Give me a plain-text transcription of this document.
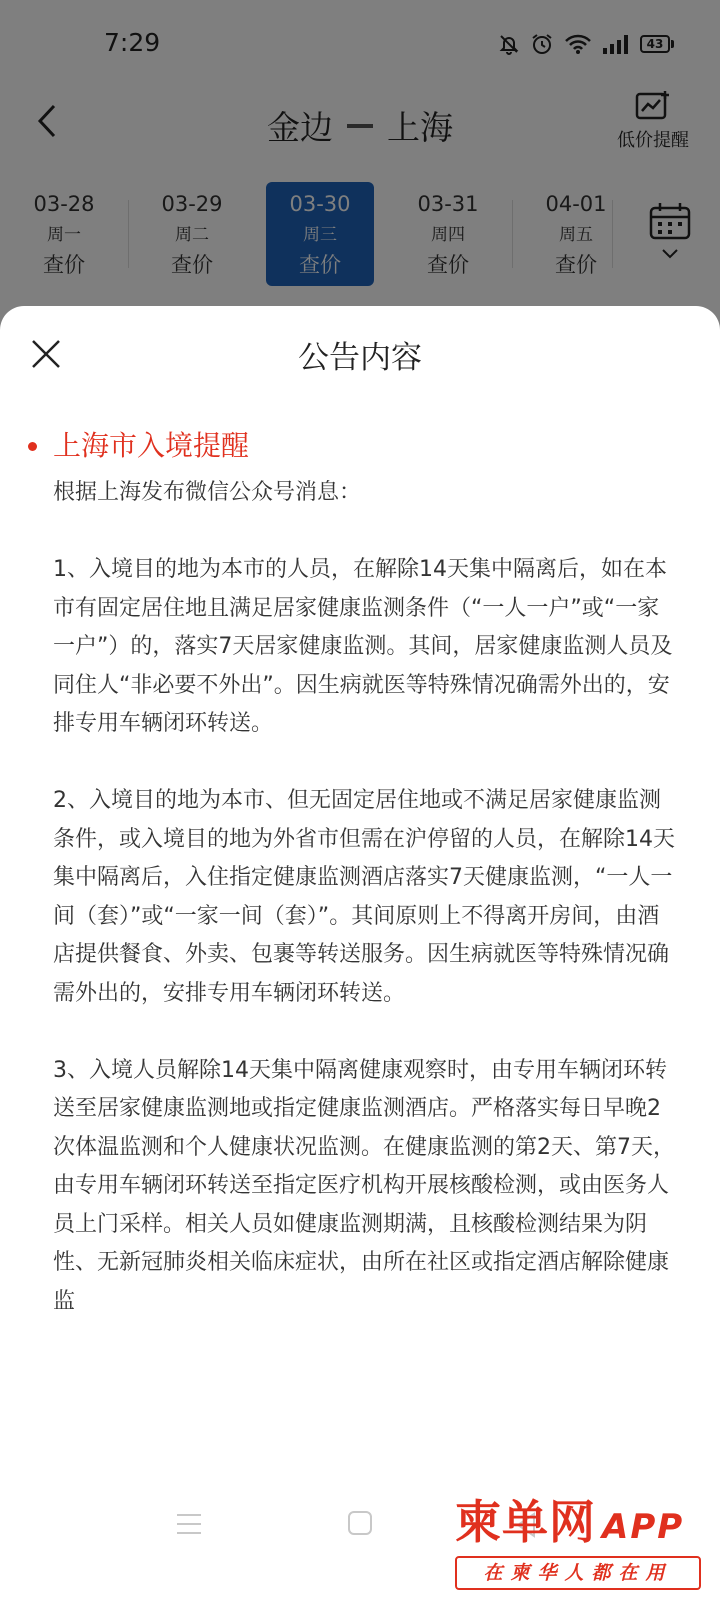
公告内容
上海市入境提醒

根据上海发布微信公众号消息：

1、入境目的地为本市的人员，在解除14天集中隔离后，如在本市有固定居住地且满足居家健康监测条件（“一人一户”或“一家一户”）的，落实7天居家健康监测。其间，居家健康监测人员及同住人“非必要不外出”。因生病就医等特殊情况确需外出的，安排专用车辆闭环转送。

2、入境目的地为本市、但无固定居住地或不满足居家健康监测条件，或入境目的地为外省市但需在沪停留的人员，在解除14天集中隔离后，入住指定健康监测酒店落实7天健康监测，“一人一间（套）”或“一家一间（套）”。其间原则上不得离开房间，由酒店提供餐食、外卖、包裹等转送服务。因生病就医等特殊情况确需外出的，安排专用车辆闭环转送。

3、入境人员解除14天集中隔离健康观察时，由专用车辆闭环转送至居家健康监测地或指定健康监测酒店。严格落实每日早晚2次体温监测和个人健康状况监测。在健康监测的第2天、第7天，由专用车辆闭环转送至指定医疗机构开展核酸检测，或由医务人员上门采样。相关人员如健康监测期满，且核酸检测结果为阴性、无新冠肺炎相关临床症状，由所在社区或指定酒店解除健康监

柬单网 APP
在柬华人都在用
